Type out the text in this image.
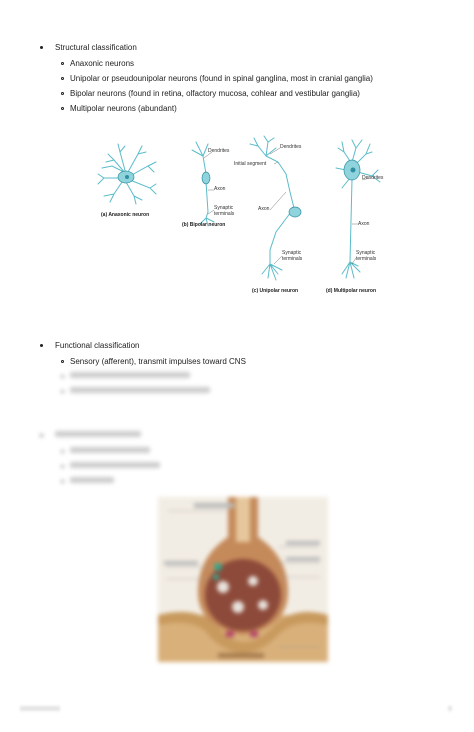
Structural classification
Anaxonic neurons
Unipolar or pseudounipolar neurons (found in spinal ganglina, most in cranial ganglia)
Bipolar neurons (found in retina, olfactory mucosa, cohlear and vestibular ganglia)
Multipolar neurons (abundant)
Dendrites
Axon
Synaptic
terminals
Dendrites
Initial segment
Axon
Synaptic
terminals
Dendrites
Axon
Synaptic
terminals
(a) Anaxonic neuron
(b) Bipolar neuron
(c) Unipolar neuron	(d) Multipolar neuron
Functional classification
Sensory (afferent), transmit impulses toward CNS
